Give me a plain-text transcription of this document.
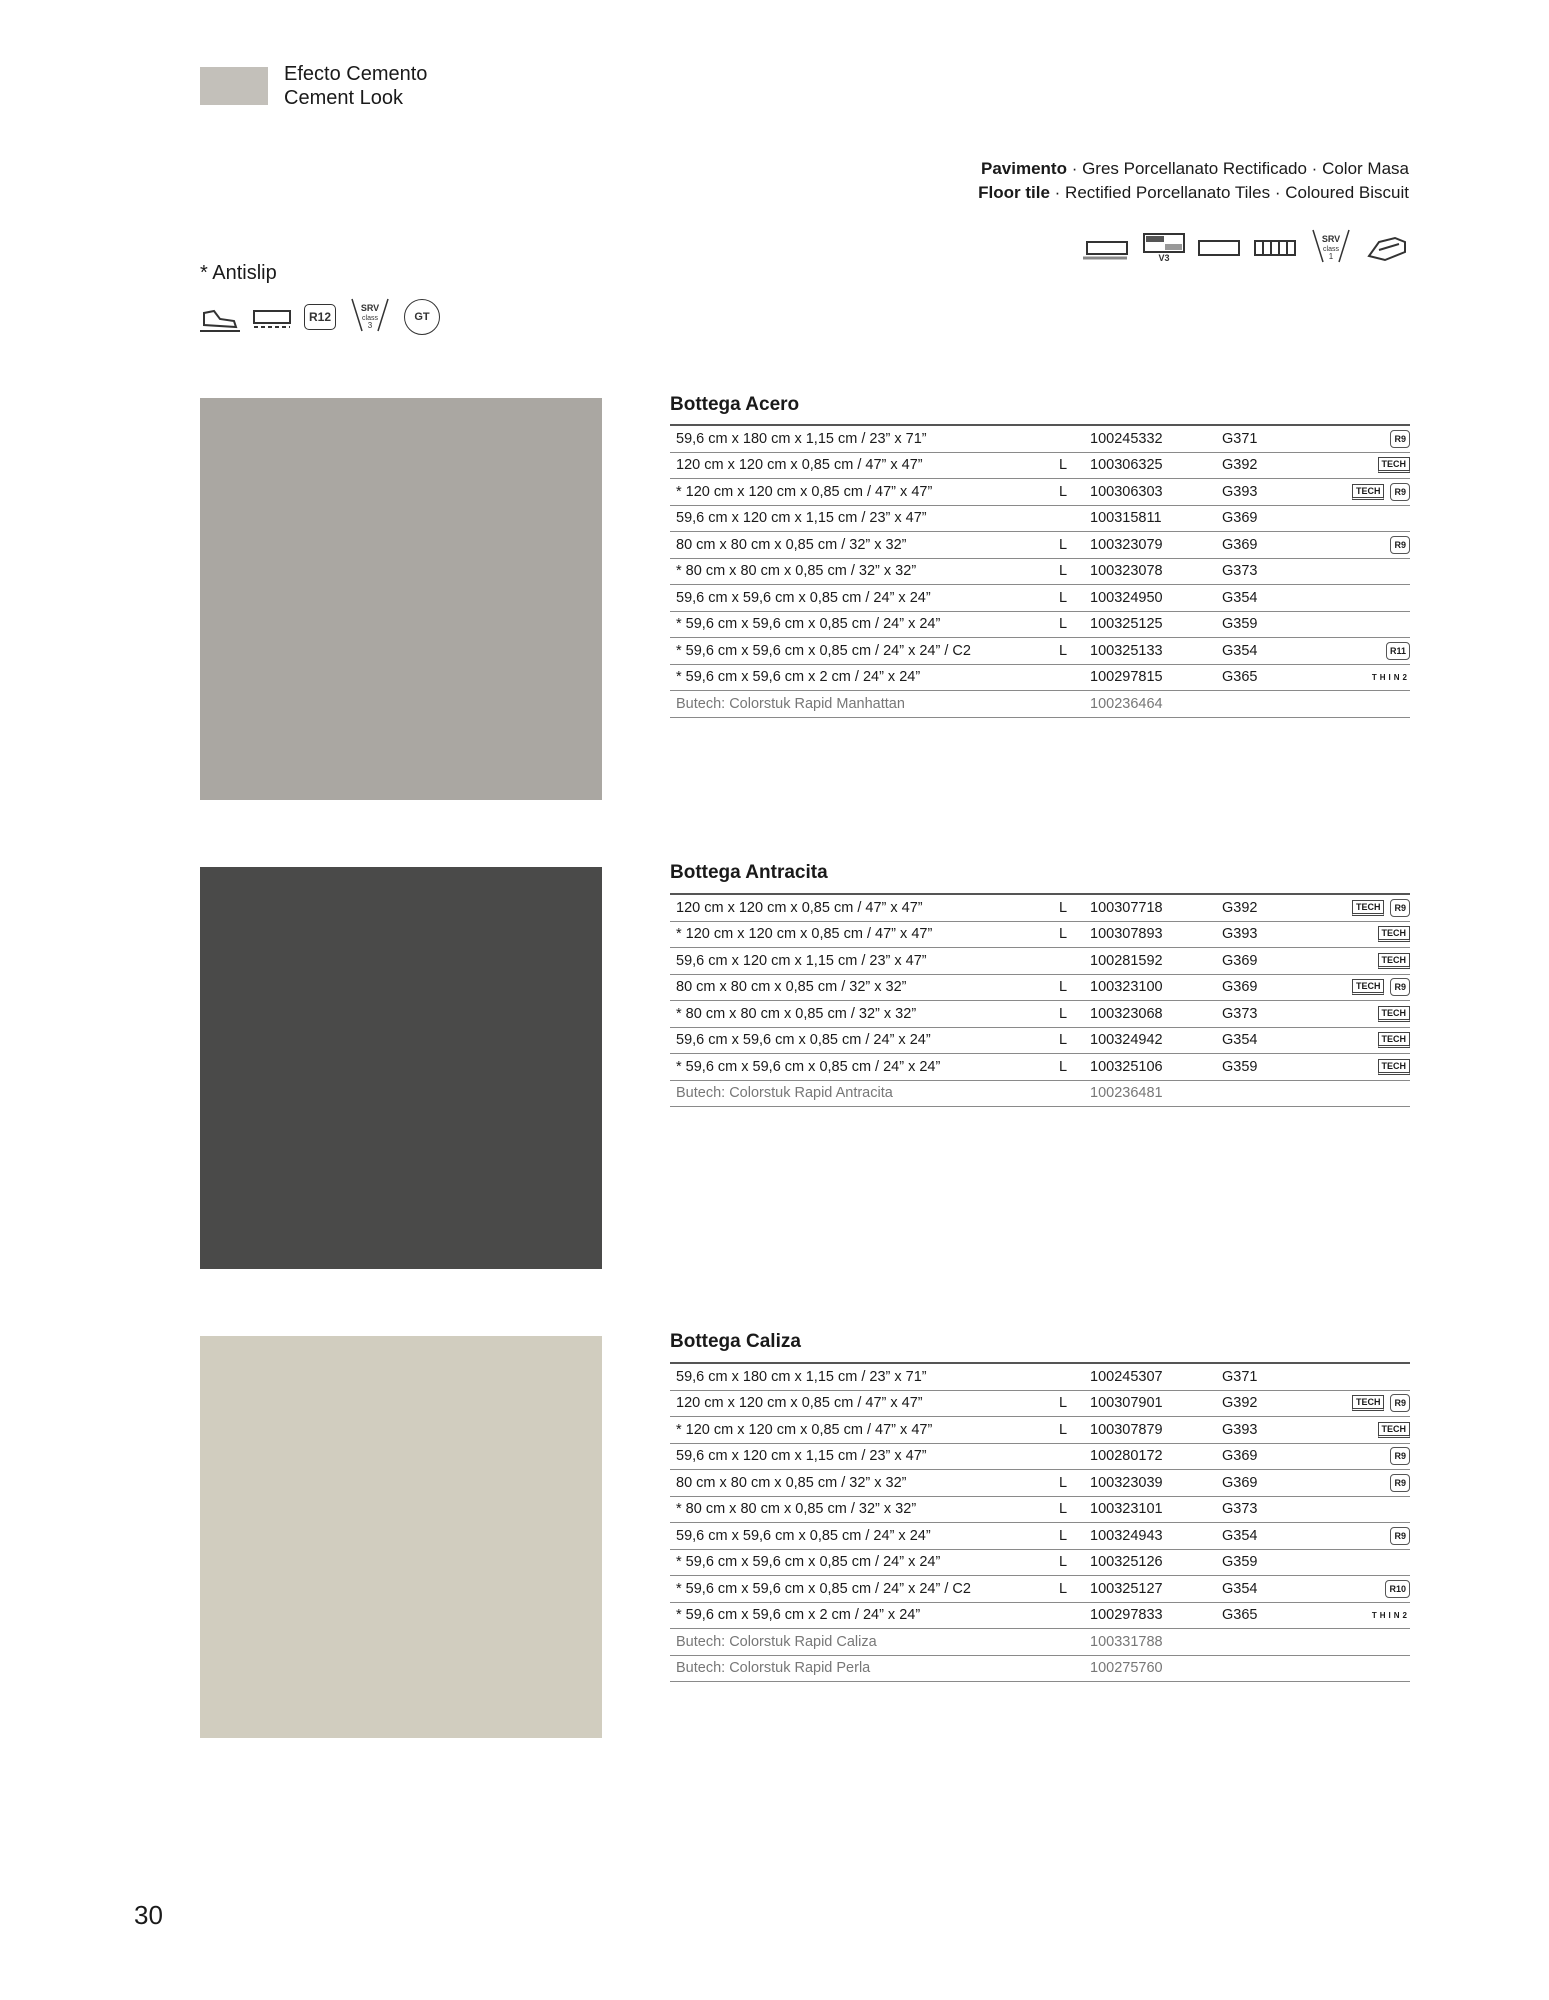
Efecto Cemento
Cement Look
Pavimento · Gres Porcellanato Rectificado · Color Masa
Floor tile · Rectified Porcellanato Tiles · Coloured Biscuit
V3
SRV
class
1
* Antislip
R12
SRV
class
3
GT
Bottega Acero
59,6 cm x 180 cm x 1,15 cm / 23” x 71”		100245332	G371	R9
120 cm x 120 cm x 0,85 cm / 47” x 47”	L	100306325	G392	TECH
* 120 cm x 120 cm x 0,85 cm / 47” x 47”	L	100306303	G393	TECH R9
59,6 cm x 120 cm x 1,15 cm / 23” x 47”		100315811	G369	
80 cm x 80 cm x 0,85 cm / 32” x 32”	L	100323079	G369	R9
* 80 cm x 80 cm x 0,85 cm / 32” x 32”	L	100323078	G373	
59,6 cm x 59,6 cm x 0,85 cm / 24” x 24”	L	100324950	G354	
* 59,6 cm x 59,6 cm x 0,85 cm / 24” x 24”	L	100325125	G359	
* 59,6 cm x 59,6 cm x 0,85 cm / 24” x 24” / C2	L	100325133	G354	R11
* 59,6 cm x 59,6 cm x 2 cm / 24” x 24”		100297815	G365	THIN2
Butech: Colorstuk Rapid Manhattan		100236464		
Bottega Antracita
120 cm x 120 cm x 0,85 cm / 47” x 47”	L	100307718	G392	TECH R9
* 120 cm x 120 cm x 0,85 cm / 47” x 47”	L	100307893	G393	TECH
59,6 cm x 120 cm x 1,15 cm / 23” x 47”		100281592	G369	TECH
80 cm x 80 cm x 0,85 cm / 32” x 32”	L	100323100	G369	TECH R9
* 80 cm x 80 cm x 0,85 cm / 32” x 32”	L	100323068	G373	TECH
59,6 cm x 59,6 cm x 0,85 cm / 24” x 24”	L	100324942	G354	TECH
* 59,6 cm x 59,6 cm x 0,85 cm / 24” x 24”	L	100325106	G359	TECH
Butech: Colorstuk Rapid Antracita		100236481		
Bottega Caliza
59,6 cm x 180 cm x 1,15 cm / 23” x 71”		100245307	G371	
120 cm x 120 cm x 0,85 cm / 47” x 47”	L	100307901	G392	TECH R9
* 120 cm x 120 cm x 0,85 cm / 47” x 47”	L	100307879	G393	TECH
59,6 cm x 120 cm x 1,15 cm / 23” x 47”		100280172	G369	R9
80 cm x 80 cm x 0,85 cm / 32” x 32”	L	100323039	G369	R9
* 80 cm x 80 cm x 0,85 cm / 32” x 32”	L	100323101	G373	
59,6 cm x 59,6 cm x 0,85 cm / 24” x 24”	L	100324943	G354	R9
* 59,6 cm x 59,6 cm x 0,85 cm / 24” x 24”	L	100325126	G359	
* 59,6 cm x 59,6 cm x 0,85 cm / 24” x 24” / C2	L	100325127	G354	R10
* 59,6 cm x 59,6 cm x 2 cm / 24” x 24”		100297833	G365	THIN2
Butech: Colorstuk Rapid Caliza		100331788		
Butech: Colorstuk Rapid Perla		100275760		
30
